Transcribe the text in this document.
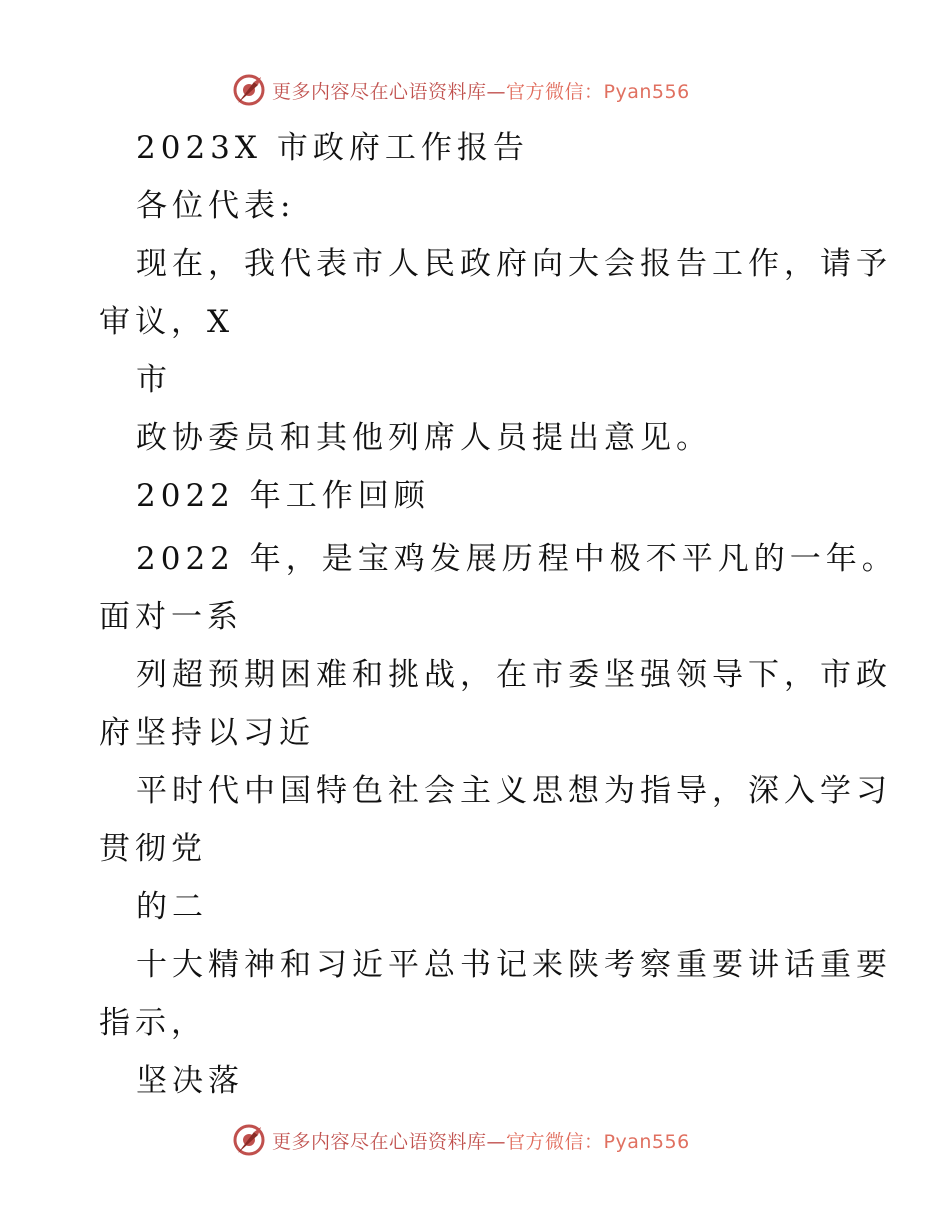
更多内容尽在心语资料库—官方微信：Pyan556
2023X 市政府工作报告
各位代表:
现在，我代表市人民政府向大会报告工作，请予
审议，X
市
政协委员和其他列席人员提出意见。
2022 年工作回顾
2022 年，是宝鸡发展历程中极不平凡的一年。
面对一系
列超预期困难和挑战，在市委坚强领导下，市政
府坚持以习近
平时代中国特色社会主义思想为指导，深入学习
贯彻党
的二
十大精神和习近平总书记来陕考察重要讲话重要
指示，
坚决落
更多内容尽在心语资料库—官方微信：Pyan556
